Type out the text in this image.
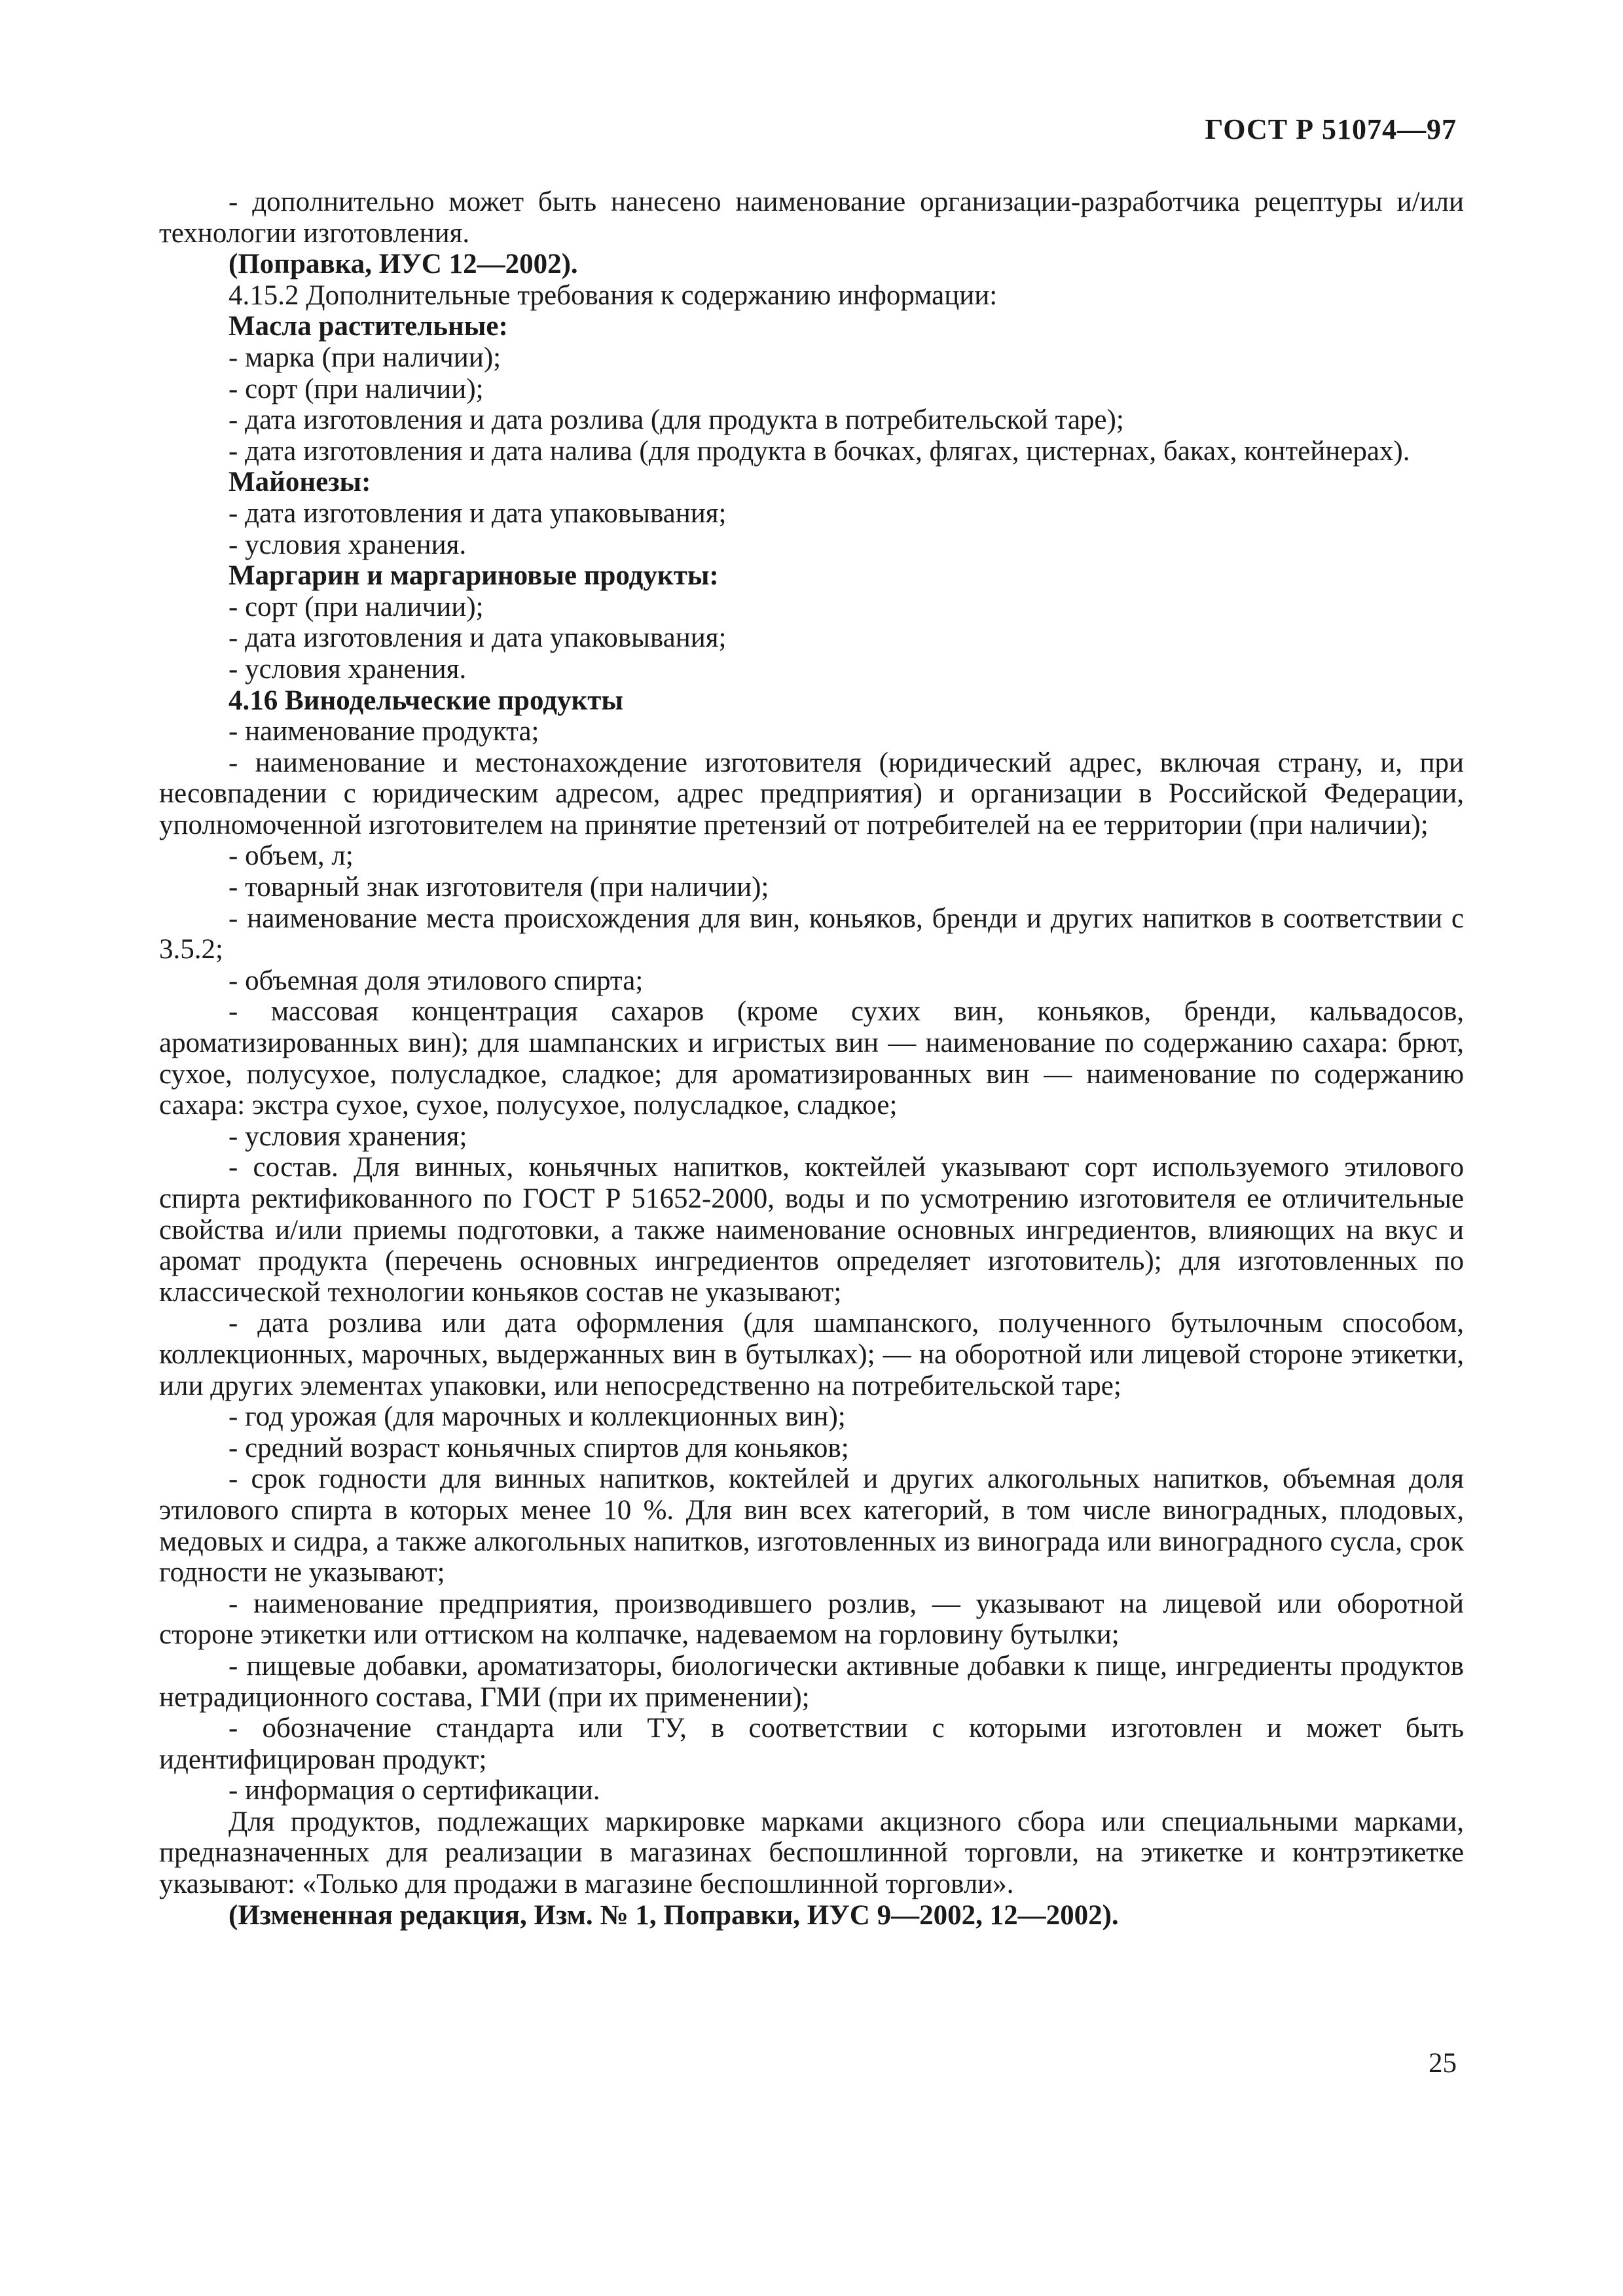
ГОСТ Р 51074—97

- дополнительно может быть нанесено наименование организации-разработчика рецептуры и/или технологии изготовления.

(Поправка, ИУС 12—2002).

4.15.2 Дополнительные требования к содержанию информации:

Масла растительные:

- марка (при наличии);

- сорт (при наличии);

- дата изготовления и дата розлива (для продукта в потребительской таре);

- дата изготовления и дата налива (для продукта в бочках, флягах, цистернах, баках, контейнерах).

Майонезы:

- дата изготовления и дата упаковывания;

- условия хранения.

Маргарин и маргариновые продукты:

- сорт (при наличии);

- дата изготовления и дата упаковывания;

- условия хранения.

4.16 Винодельческие продукты

- наименование продукта;

- наименование и местонахождение изготовителя (юридический адрес, включая страну, и, при несовпадении с юридическим адресом, адрес предприятия) и организации в Российской Федерации, уполномоченной изготовителем на принятие претензий от потребителей на ее территории (при наличии);

- объем, л;

- товарный знак изготовителя (при наличии);

- наименование места происхождения для вин, коньяков, бренди и других напитков в соответствии с 3.5.2;

- объемная доля этилового спирта;

- массовая концентрация сахаров (кроме сухих вин, коньяков, бренди, кальвадосов, ароматизированных вин); для шампанских и игристых вин — наименование по содержанию сахара: брют, сухое, полусухое, полусладкое, сладкое; для ароматизированных вин — наименование по содержанию сахара: экстра сухое, сухое, полусухое, полусладкое, сладкое;

- условия хранения;

- состав. Для винных, коньячных напитков, коктейлей указывают сорт используемого этилового спирта ректификованного по ГОСТ Р 51652-2000, воды и по усмотрению изготовителя ее отличительные свойства и/или приемы подготовки, а также наименование основных ингредиентов, влияющих на вкус и аромат продукта (перечень основных ингредиентов определяет изготовитель); для изготовленных по классической технологии коньяков состав не указывают;

- дата розлива или дата оформления (для шампанского, полученного бутылочным способом, коллекционных, марочных, выдержанных вин в бутылках); — на оборотной или лицевой стороне этикетки, или других элементах упаковки, или непосредственно на потребительской таре;

- год урожая (для марочных и коллекционных вин);

- средний возраст коньячных спиртов для коньяков;

- срок годности для винных напитков, коктейлей и других алкогольных напитков, объемная доля этилового спирта в которых менее 10 %. Для вин всех категорий, в том числе виноградных, плодовых, медовых и сидра, а также алкогольных напитков, изготовленных из винограда или виноградного сусла, срок годности не указывают;

- наименование предприятия, производившего розлив, — указывают на лицевой или оборотной стороне этикетки или оттиском на колпачке, надеваемом на горловину бутылки;

- пищевые добавки, ароматизаторы, биологически активные добавки к пище, ингредиенты продуктов нетрадиционного состава, ГМИ (при их применении);

- обозначение стандарта или ТУ, в соответствии с которыми изготовлен и может быть идентифицирован продукт;

- информация о сертификации.

Для продуктов, подлежащих маркировке марками акцизного сбора или специальными марками, предназначенных для реализации в магазинах беспошлинной торговли, на этикетке и контрэтикетке указывают: «Только для продажи в магазине беспошлинной торговли».

(Измененная редакция, Изм. № 1, Поправки, ИУС 9—2002, 12—2002).

25
